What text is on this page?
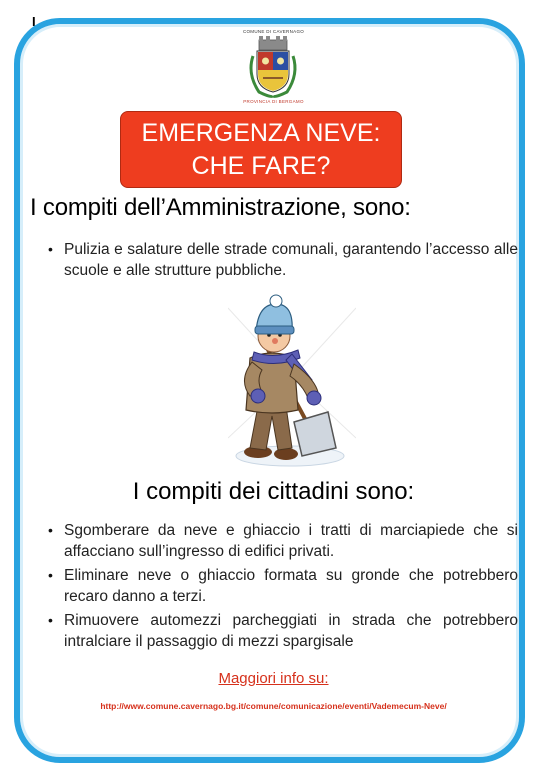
I
COMUNE DI CAVERNAGO
PROVINCIA DI BERGAMO
EMERGENZA NEVE:
CHE FARE?
I compiti dell’Amministrazione, sono:
• Pulizia e salature delle strade comunali, garantendo l’accesso alle scuole e alle strutture pubbliche.
I compiti dei cittadini sono:
• Sgomberare da neve e ghiaccio i tratti di marciapiede che si affacciano sull’ingresso di edifici privati.
• Eliminare neve o ghiaccio formata su gronde che potrebbero recaro danno a terzi.
• Rimuovere automezzi parcheggiati in strada che potrebbero intralciare il passaggio di mezzi spargisale
Maggiori info su:
http://www.comune.cavernago.bg.it/comune/comunicazione/eventi/Vademecum-Neve/
